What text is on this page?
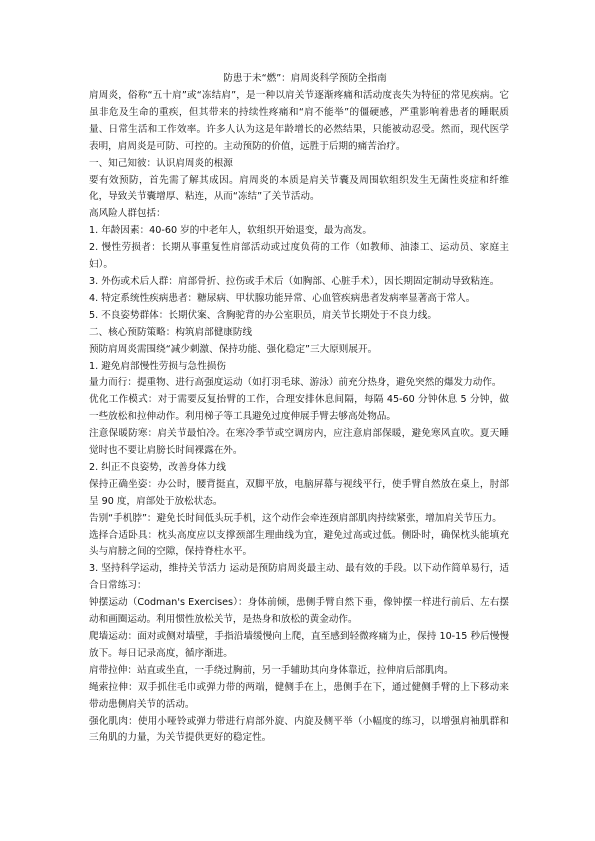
防患于未“燃”：肩周炎科学预防全指南

肩周炎，俗称“五十肩”或“冻结肩”，是一种以肩关节逐渐疼痛和活动度丧失为特征的常见疾病。它虽非危及生命的重疾，但其带来的持续性疼痛和“肩不能举”的僵硬感，严重影响着患者的睡眠质量、日常生活和工作效率。许多人认为这是年龄增长的必然结果，只能被动忍受。然而，现代医学表明，肩周炎是可防、可控的。主动预防的价值，远胜于后期的痛苦治疗。

一、知己知彼：认识肩周炎的根源

要有效预防，首先需了解其成因。肩周炎的本质是肩关节囊及周围软组织发生无菌性炎症和纤维化，导致关节囊增厚、粘连，从而“冻结”了关节活动。

高风险人群包括：

1. 年龄因素：40-60 岁的中老年人，软组织开始退变，最为高发。

2. 慢性劳损者：长期从事重复性肩部活动或过度负荷的工作（如教师、油漆工、运动员、家庭主妇）。

3. 外伤或术后人群：肩部骨折、拉伤或手术后（如胸部、心脏手术），因长期固定制动导致粘连。

4. 特定系统性疾病患者：糖尿病、甲状腺功能异常、心血管疾病患者发病率显著高于常人。

5. 不良姿势群体：长期伏案、含胸驼背的办公室职员，肩关节长期处于不良力线。

二、核心预防策略：构筑肩部健康防线

预防肩周炎需围绕“减少刺激、保持功能、强化稳定”三大原则展开。

1. 避免肩部慢性劳损与急性损伤

量力而行：提重物、进行高强度运动（如打羽毛球、游泳）前充分热身，避免突然的爆发力动作。

优化工作模式：对于需要反复抬臂的工作，合理安排休息间隔，每隔 45-60 分钟休息 5 分钟，做一些放松和拉伸动作。利用梯子等工具避免过度伸展手臂去够高处物品。

注意保暖防寒：肩关节最怕冷。在寒冷季节或空调房内，应注意肩部保暖，避免寒风直吹。夏天睡觉时也不要让肩膀长时间裸露在外。

2. 纠正不良姿势，改善身体力线

保持正确坐姿：办公时，腰背挺直，双脚平放，电脑屏幕与视线平行，使手臂自然放在桌上，肘部呈 90 度，肩部处于放松状态。

告别“手机脖”：避免长时间低头玩手机，这个动作会牵连颈肩部肌肉持续紧张，增加肩关节压力。

选择合适卧具：枕头高度应以支撑颈部生理曲线为宜，避免过高或过低。侧卧时，确保枕头能填充头与肩膀之间的空隙，保持脊柱水平。

3. 坚持科学运动，维持关节活力 运动是预防肩周炎最主动、最有效的手段。以下动作简单易行，适合日常练习：

钟摆运动（Codman's Exercises）：身体前倾，患侧手臂自然下垂，像钟摆一样进行前后、左右摆动和画圈运动。利用惯性放松关节，是热身和放松的黄金动作。

爬墙运动：面对或侧对墙壁，手指沿墙缓慢向上爬，直至感到轻微疼痛为止，保持 10-15 秒后慢慢放下。每日记录高度，循序渐进。

肩带拉伸：站直或坐直，一手绕过胸前，另一手辅助其向身体靠近，拉伸肩后部肌肉。

绳索拉伸：双手抓住毛巾或弹力带的两端，健侧手在上，患侧手在下，通过健侧手臂的上下移动来带动患侧肩关节的活动。

强化肌肉：使用小哑铃或弹力带进行肩部外旋、内旋及侧平举（小幅度的练习，以增强肩袖肌群和三角肌的力量，为关节提供更好的稳定性。
